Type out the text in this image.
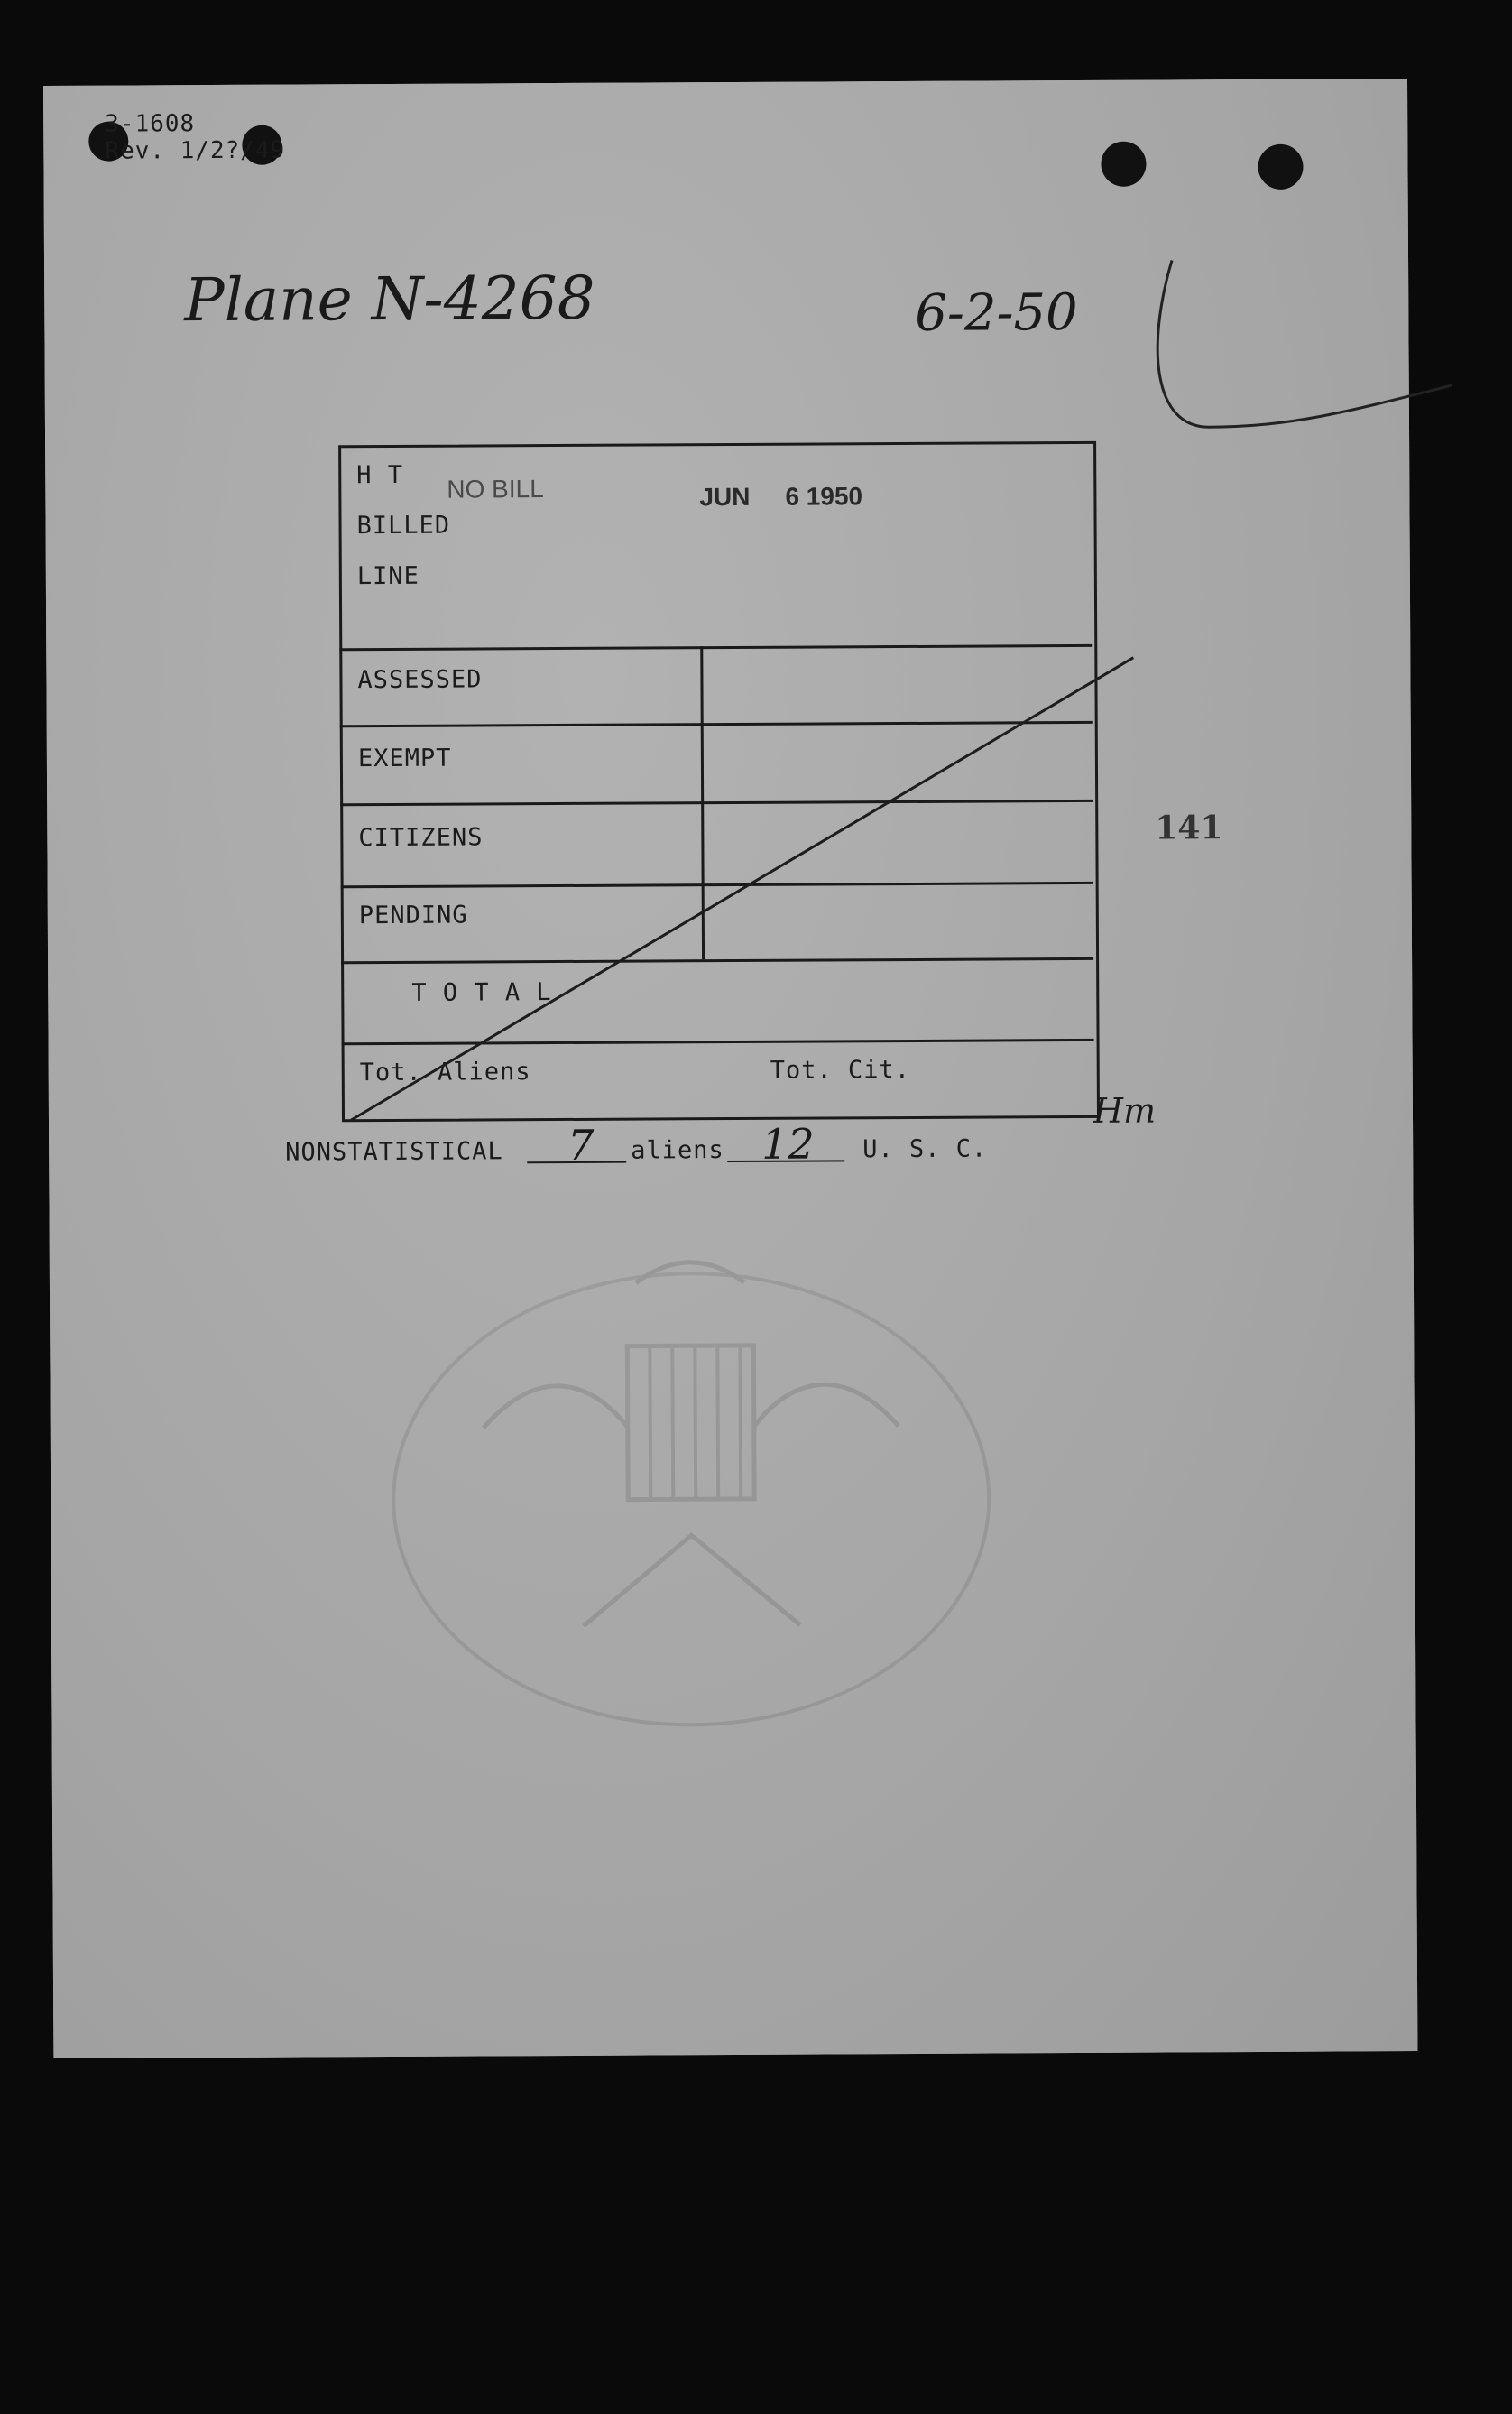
3-1608
Rev. 1/2?/49
Plane N-4268	6-2-50
H T
BILLED
LINE
NO BILL	JUN 6 1950
ASSESSED
EXEMPT
CITIZENS
PENDING
T O T A L
Tot. Aliens	Tot. Cit.
Hm
141
NONSTATISTICAL 7 aliens 12 U. S. C.
